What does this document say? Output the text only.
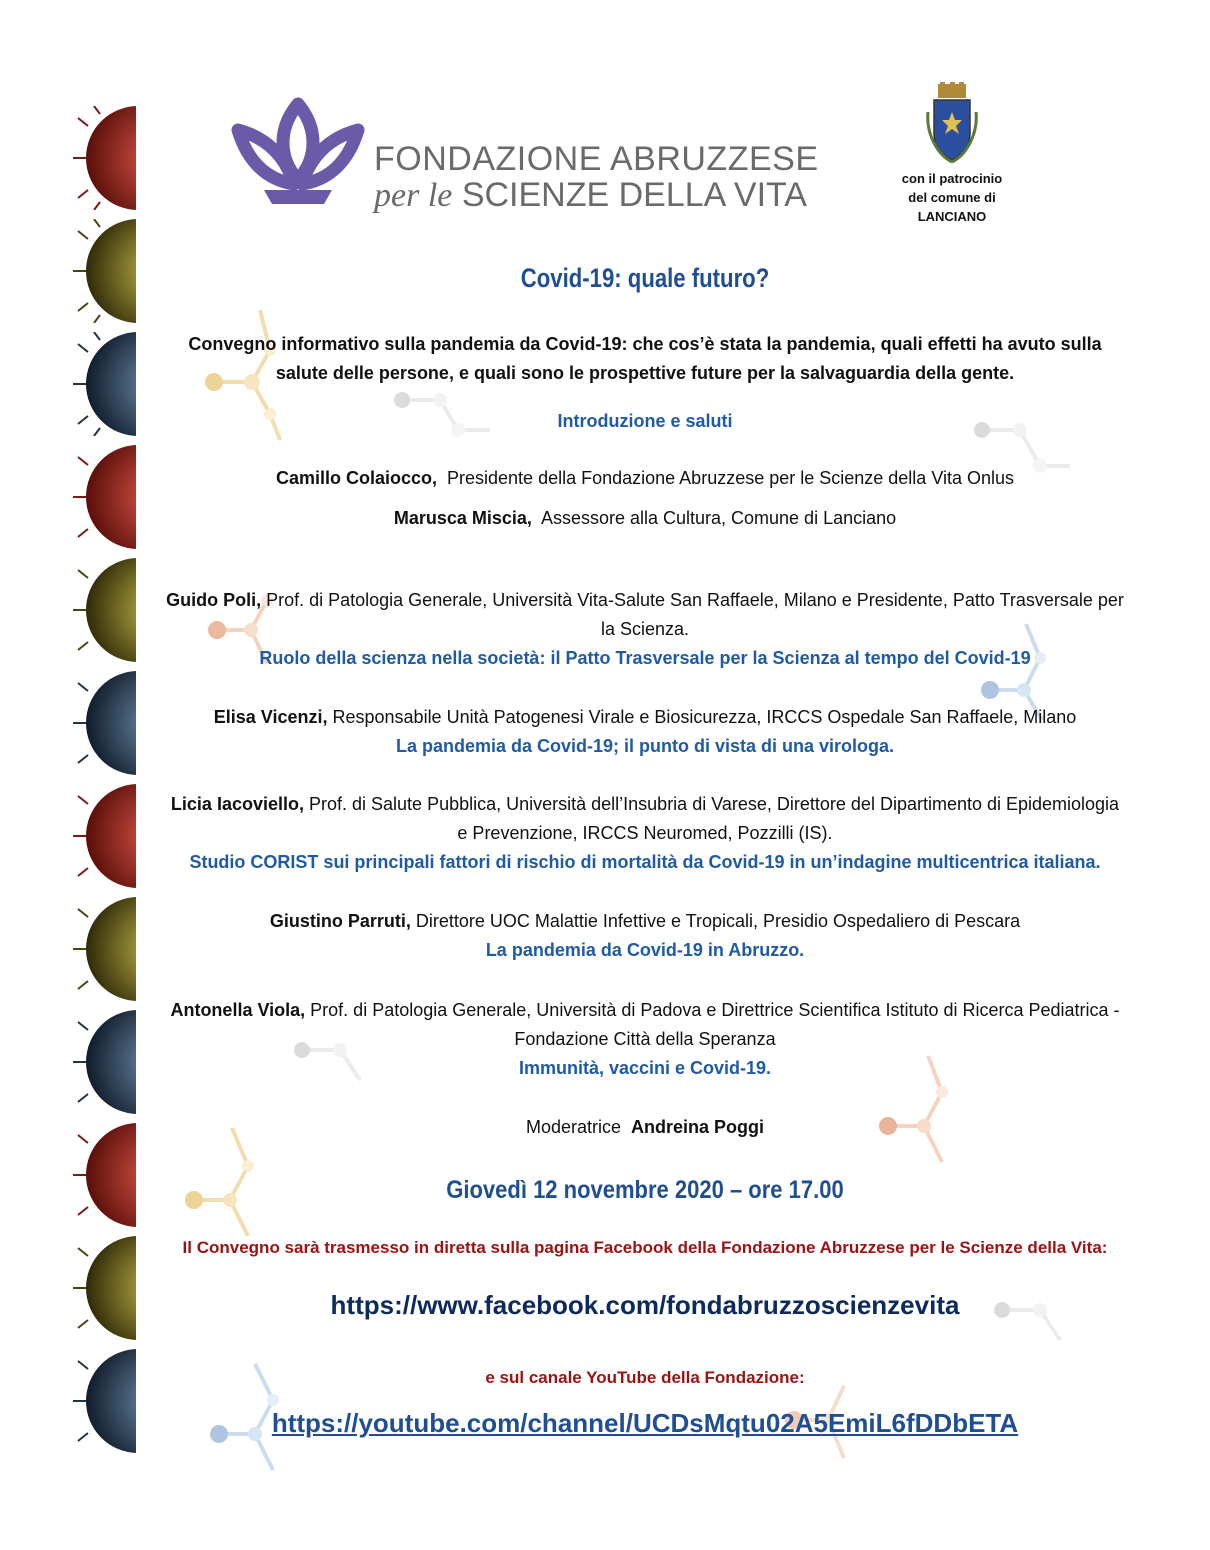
FONDAZIONE ABRUZZESE
per le SCIENZE DELLA VITA	con il patrocinio
del comune di
LANCIANO
Covid-19: quale futuro?
Convegno informativo sulla pandemia da Covid-19: che cos’è stata la pandemia, quali effetti ha avuto sulla
salute delle persone, e quali sono le prospettive future per la salvaguardia della gente.
Introduzione e saluti
Camillo Colaiocco, Presidente della Fondazione Abruzzese per le Scienze della Vita Onlus
Marusca Miscia, Assessore alla Cultura, Comune di Lanciano
Guido Poli, Prof. di Patologia Generale, Università Vita-Salute San Raffaele, Milano e Presidente, Patto Trasversale per
la Scienza.
Ruolo della scienza nella società: il Patto Trasversale per la Scienza al tempo del Covid-19
Elisa Vicenzi, Responsabile Unità Patogenesi Virale e Biosicurezza, IRCCS Ospedale San Raffaele, Milano
La pandemia da Covid-19; il punto di vista di una virologa.
Licia Iacoviello, Prof. di Salute Pubblica, Università dell’Insubria di Varese, Direttore del Dipartimento di Epidemiologia
e Prevenzione, IRCCS Neuromed, Pozzilli (IS).
Studio CORIST sui principali fattori di rischio di mortalità da Covid-19 in un’indagine multicentrica italiana.
Giustino Parruti, Direttore UOC Malattie Infettive e Tropicali, Presidio Ospedaliero di Pescara
La pandemia da Covid-19 in Abruzzo.
Antonella Viola, Prof. di Patologia Generale, Università di Padova e Direttrice Scientifica Istituto di Ricerca Pediatrica -
Fondazione Città della Speranza
Immunità, vaccini e Covid-19.
Moderatrice Andreina Poggi
Giovedì 12 novembre 2020 – ore 17.00
Il Convegno sarà trasmesso in diretta sulla pagina Facebook della Fondazione Abruzzese per le Scienze della Vita:
https://www.facebook.com/fondabruzzoscienzevita
e sul canale YouTube della Fondazione:
https://youtube.com/channel/UCDsMqtu02A5EmiL6fDDbETA
